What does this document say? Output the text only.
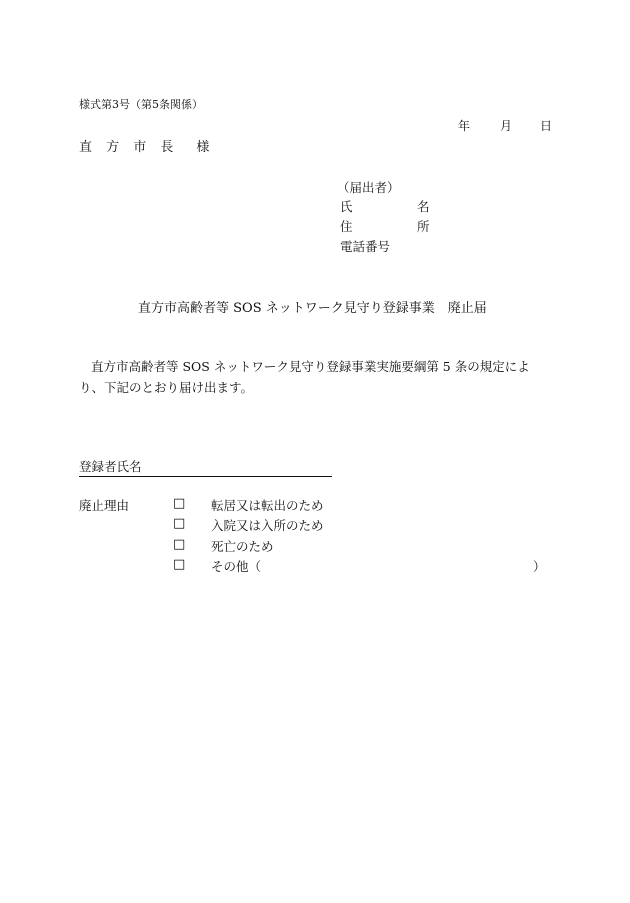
様式第3号（第5条関係）
年 月 日
直 方 市 長　様
（届出者）
氏　名
住　所
電話番号
直方市高齢者等 SOS ネットワーク見守り登録事業　廃止届
直方市高齢者等 SOS ネットワーク見守り登録事業実施要綱第 5 条の規定により、下記のとおり届け出ます。
登録者氏名
廃止理由	□ 転居又は転出のため
□ 入院又は入所のため
□ 死亡のため
□ その他（	）
